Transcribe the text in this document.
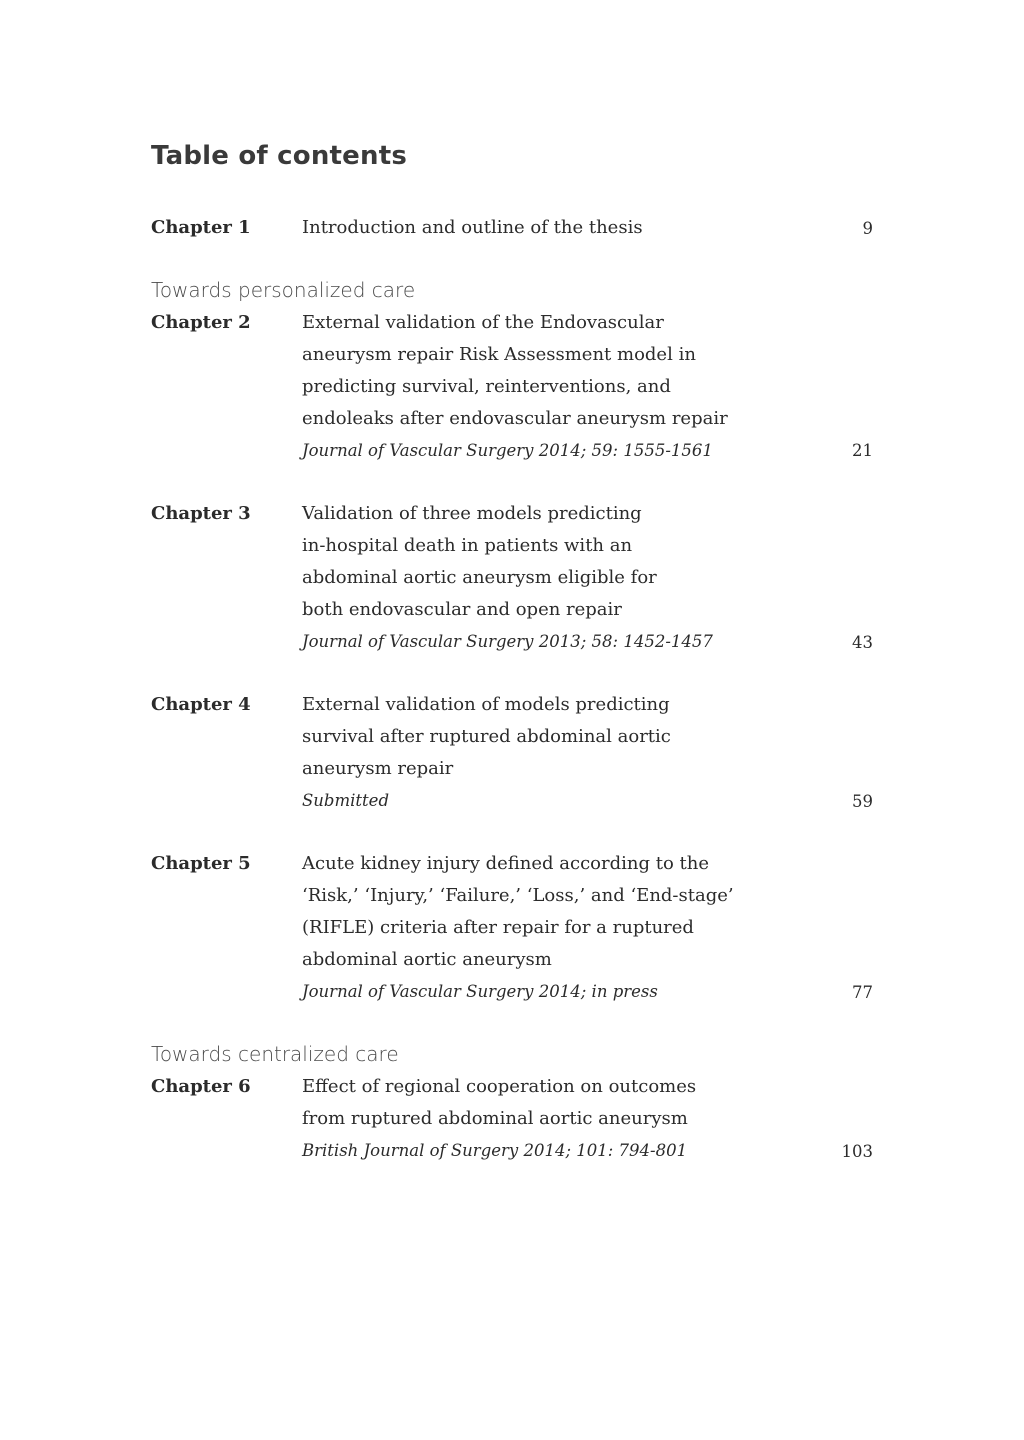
Table of contents
Chapter 1	Introduction and outline of the thesis	9
Towards personalized care
Chapter 2	External validation of the Endovascular
aneurysm repair Risk Assessment model in
predicting survival, reinterventions, and
endoleaks after endovascular aneurysm repair
Journal of Vascular Surgery 2014; 59: 1555-1561	21
Chapter 3	Validation of three models predicting
in-hospital death in patients with an
abdominal aortic aneurysm eligible for
both endovascular and open repair
Journal of Vascular Surgery 2013; 58: 1452-1457	43
Chapter 4	External validation of models predicting
survival after ruptured abdominal aortic
aneurysm repair
Submitted	59
Chapter 5	Acute kidney injury defined according to the
‘Risk,’ ‘Injury,’ ‘Failure,’ ‘Loss,’ and ‘End-stage’
(RIFLE) criteria after repair for a ruptured
abdominal aortic aneurysm
Journal of Vascular Surgery 2014; in press	77
Towards centralized care
Chapter 6	Effect of regional cooperation on outcomes
from ruptured abdominal aortic aneurysm
British Journal of Surgery 2014; 101: 794-801	103
